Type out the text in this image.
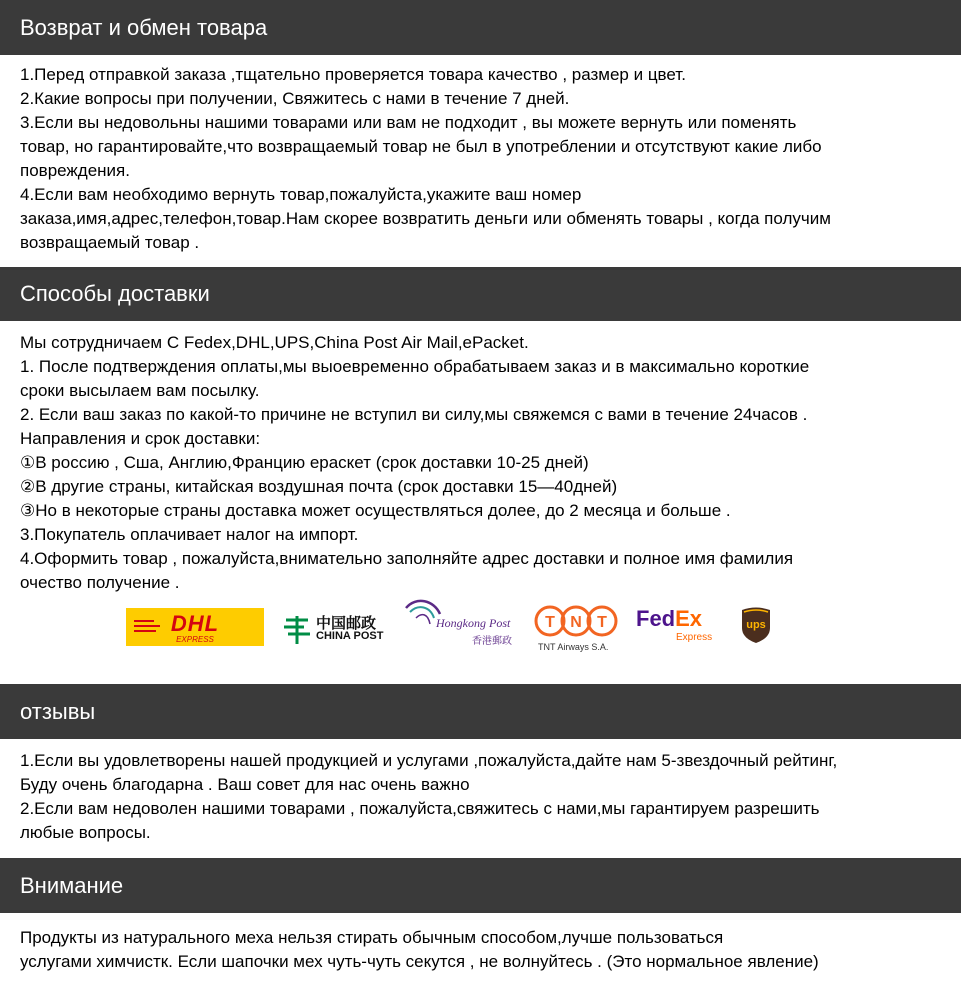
Возврат и обмен товара

1.Перед отправкой заказа ,тщательно проверяется товара качество , размер и цвет.

2.Какие вопросы при получении, Свяжитесь с нами в течение 7 дней.

3.Если вы недовольны нашими товарами или вам не подходит , вы можете вернуть или поменять
товар, но гарантировайте,что возвращаемый товар не был в употреблении и отсутствуют какие либо
повреждения.

4.Если вам необходимо вернуть товар,пожалуйста,укажите ваш номер
заказа,имя,адрес,телефон,товар.Нам скорее возвратить деньги или обменять товары , когда получим
возвращаемый товар .

Способы доставки

Мы сотрудничаем С Fedex,DHL,UPS,China Post Air Mail,ePacket.

1. После подтверждения оплаты,мы выоевременно обрабатываем заказ и в максимально короткие
сроки высылаем вам посылку.

2. Если ваш заказ по какой-то причине не вступил ви силу,мы свяжемся с вами в течение 24часов .

Направления и срок доставки:

①В россию , Сша, Англию,Францию ераскет (срок доставки 10-25 дней)

②В другие страны, китайская воздушная почта (срок доставки 15—40дней)

③Но в некоторые страны доставка может осуществляться долее, до 2 месяца и больше .

3.Покупатель оплачивает налог на импорт.

4.Оформить товар , пожалуйста,внимательно заполняйте адрес доставки и полное имя фамилия
очество получение .

DHL
EXPRESS
中国邮政
CHINA POST
Hongkong Post
香港郵政
T N T
TNT Airways S.A.
FedEx
Express
ups
отзывы

1.Если вы удовлетворены нашей продукцией и услугами ,пожалуйста,дайте нам 5-звездочный рейтинг,
Буду очень благодарна . Ваш совет для нас очень важно

2.Если вам недоволен нашими товарами , пожалуйста,свяжитесь с нами,мы гарантируем разрешить
любые вопросы.

Внимание

Продукты из натурального меха нельзя стирать обычным способом,лучше пользоваться
услугами химчистк. Если шапочки мех чуть-чуть секутся , не волнуйтесь . (Это нормальное явление)
